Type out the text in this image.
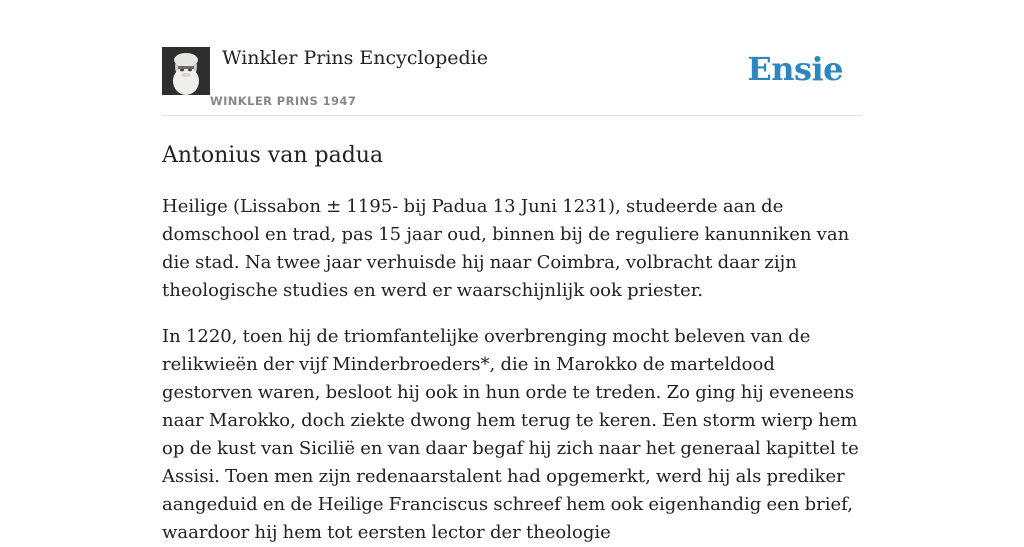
Winkler Prins Encyclopedie
WINKLER PRINS 1947
Ensie
Antonius van padua

Heilige (Lissabon ± 1195- bij Padua 13 Juni 1231), studeerde aan de domschool en trad, pas 15 jaar oud, binnen bij de reguliere kanunniken van die stad. Na twee jaar verhuisde hij naar Coimbra, volbracht daar zijn theologische studies en werd er waarschijnlijk ook priester.

In 1220, toen hij de triomfantelijke overbrenging mocht beleven van de relikwieën der vijf Minderbroeders*, die in Marokko de marteldood gestorven waren, besloot hij ook in hun orde te treden. Zo ging hij eveneens naar Marokko, doch ziekte dwong hem terug te keren. Een storm wierp hem op de kust van Sicilië en van daar begaf hij zich naar het generaal kapittel te Assisi. Toen men zijn redenaarstalent had opgemerkt, werd hij als prediker aangeduid en de Heilige Franciscus schreef hem ook eigenhandig een brief, waardoor hij hem tot eersten lector der theologie
